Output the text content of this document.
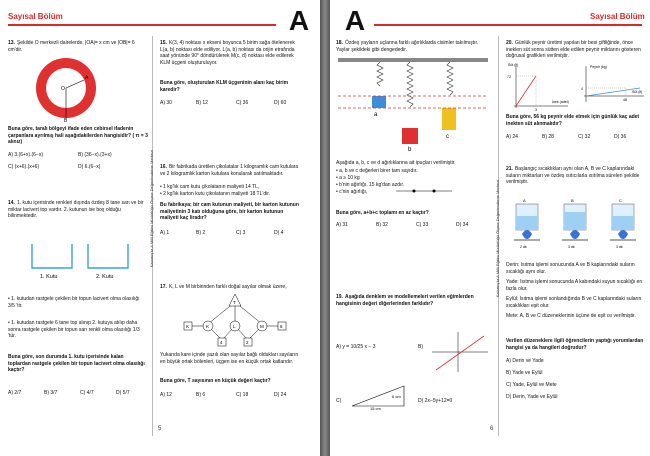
Sayısal Bölüm	A
Kalamış'ta A Milli Eğitim Müdürlüğü Ölçme Değerlendirme Merkezi
13. Şekilde O merkezli dairelerde, |OA|= x cm ve |OB|= 6 cm'dir.
O
A
B
Buna göre, taralı bölgeyi ifade eden cebirsel ifadenin çarpanlara ayrılmış hali aşağıdakilerden hangisidir? ( π = 3 alınız)
A) 3.(6+x).(6−x)	B) (36−x).(3+x)
C) (x+6).(x+6)	D) 6.(6−x)
14. 1. kutu içerisinde renkleri dışında özdeş 8 tane sarı ve bir miktar lacivert top vardır. 2. kutunun ise boş olduğu bilinmektedir.
1. Kutu	2. Kutu
• 1. kutudan rastgele çekilen bir topun lacivert olma olasılığı 3/5 'tir.
• 1. kutudan rastgele 6 tane top alınıp 2. kutuya atılıp daha sonra rastgele çekilen bir topun sarı renkli olma olasılığı 1/3 'tür.
Buna göre, son durumda 1. kutu içerisinde kalan toplardan rastgele çekilen bir topun lacivert olma olasılığı kaçtır?
A) 2/7	B) 3/7	C) 4/7	D) 5/7
15. K(3, 4) noktası x ekseni boyunca 5 birim sağa ötelenerek L(a, b) noktası elde ediliyor. L(a, b) noktası da orijin etrafında saat yönünde 90° döndürülerek M(c, d) noktası elde edilerek KLM üçgeni oluşturuluyor.
Buna göre, oluşturulan KLM üçgeninin alanı kaç birim karedir?
A) 30	B) 12	C) 36	D) 60
16. Bir fabrikada üretilen çikolatalar 1 kilogramlık cam kutulara ve 2 kilogramlık karton kutulara konularak satılmaktadır.
• 1 kg'lık cam kutu çikolatanın maliyeti 14 TL,
• 2 kg'lık karton kutu çikolatanın maliyeti 18 TL'dir.
Bu fabrikaya; bir cam kutunun maliyeti, bir karton kutunun maliyetinin 3 katı olduğuna göre, bir karton kutunun maliyeti kaç liradır?
A) 1	B) 2	C) 3	D) 4
17. K, L ve M birbirinden farklı doğal sayılar olmak üzere,
T
K	L	M
K
4	2
6
Yukarıda kare içinde yazılı olan sayılar bağlı oldukları sayıların en büyük ortak bölenleri, üçgen ise en küçük ortak katlarıdır.
Buna göre, T sayısının en küçük değeri kaçtır?
A) 12	B) 6	C) 18	D) 24
5
A	Sayısal Bölüm
Kalamış'ta A Milli Eğitim Müdürlüğü Ölçme Değerlendirme Merkezi
18. Özdeş yayların uçlarına farklı ağırlıklarda cisimler takılmıştır. Yaylar şekildeki gibi dengededir.
a
b
c
Aşağıda a, b, c ve d ağırlıklarına ait ipuçları verilmiştir.
• a, b ve c değerleri birer tam sayıdır.
• a ≥ 10 kg
• b'nin ağırlığı, 15 kg'dan azdır.
• c'nin ağırlığı,
Buna göre, a+b+c toplamı en az kaçtır?
A) 31	B) 32	C) 33	D) 34
19. Aşağıda denklem ve modellemeleri verilen eğimlerden hangisinin değeri diğerlerinden farklıdır?
A) y = 10/25 x − 3	B)
C)
6 cm
15 cm
D) 2x−5y+12=0
20. Günlük peynir üretimi yapılan bir besi çiftliğinde, önce ineklen süt sonra sütten elde edilen peynir miktarını gösteren doğrusal grafikleri verilmiştir.
Süt (lt)
72
3
İnek (adet)
Peynir (kg)
4
48
Süt (lt)
Buna göre, 56 kg peynir elde etmek için günlük kaç adet inekten süt alınmalıdır?
A) 24	B) 28	C) 32	D) 36
21. Başlangıç sıcaklıkları aynı olan A, B ve C kaplarındaki suların miktarları ve özdeş ısıtıcılarla ısıtılma süreleri şekilde verilmiştir.
A
2 dk
B
3 dk
C
3 dk
Derin: Isıtma işlemi sonucunda A ve B kaplarındaki suların sıcaklığı aynı olur.
Yade: Isıtma işlemi sonucunda A kabındaki suyun sıcaklığı en fazla olur.
Eylül: Isıtma işlemi sonlandığında B ve C kaplarındaki suların sıcaklıkları eşit olur.
Mete: A, B ve C düzeneklerinin üçüne de eşit ısı verilmiştir.
Verilen düzeneklere ilgili öğrencilerin yaptığı yorumlardan hangisi ya da hangileri doğrudur?
A) Derin ve Yade
B) Yade ve Eylül
C) Yade, Eylül ve Mete
D) Derin, Yade ve Eylül
6
